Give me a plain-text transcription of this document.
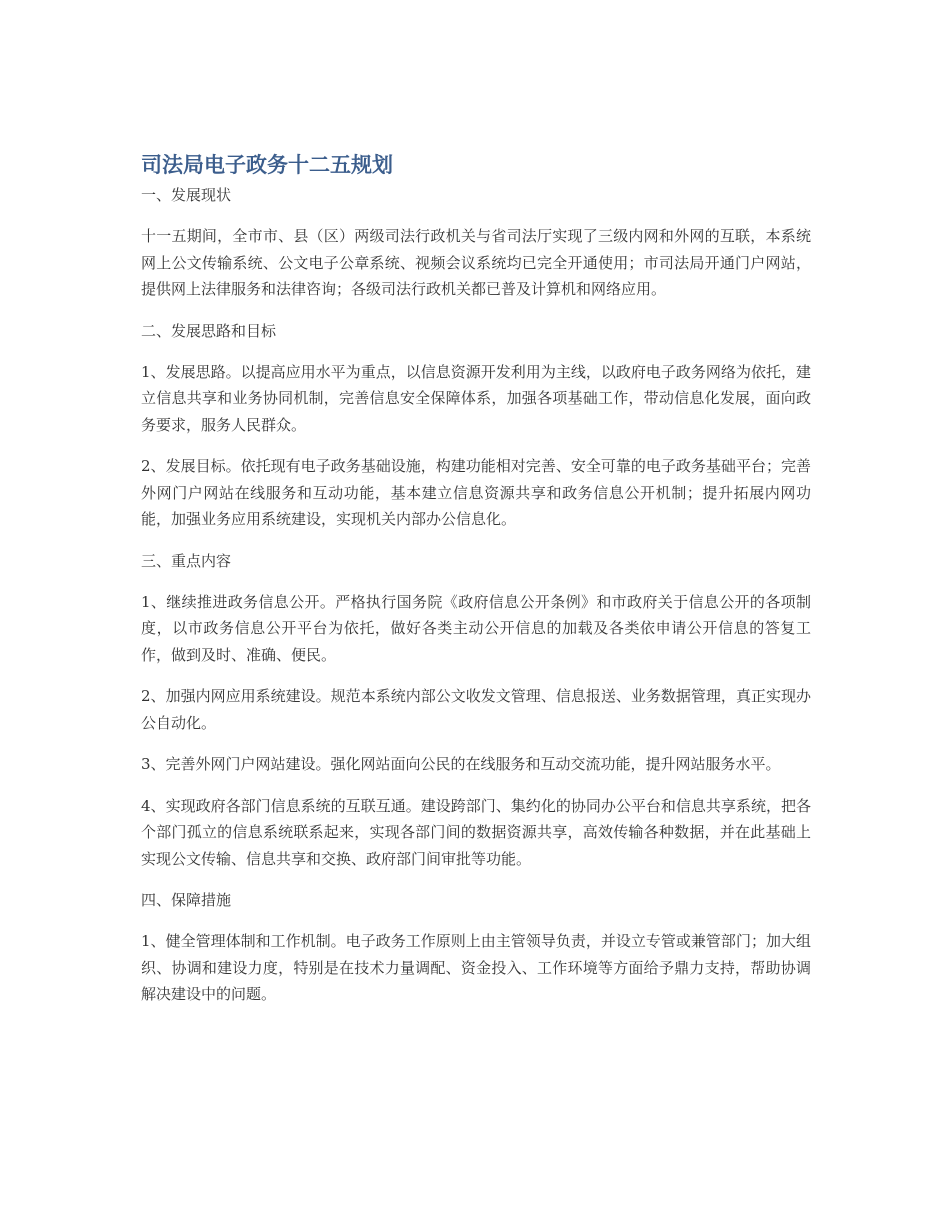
司法局电子政务十二五规划

一、发展现状

十一五期间，全市市、县（区）两级司法行政机关与省司法厅实现了三级内网和外网的互联，本系统网上公文传输系统、公文电子公章系统、视频会议系统均已完全开通使用；市司法局开通门户网站，提供网上法律服务和法律咨询；各级司法行政机关都已普及计算机和网络应用。

二、发展思路和目标

1、发展思路。以提高应用水平为重点，以信息资源开发利用为主线，以政府电子政务网络为依托，建立信息共享和业务协同机制，完善信息安全保障体系，加强各项基础工作，带动信息化发展，面向政务要求，服务人民群众。

2、发展目标。依托现有电子政务基础设施，构建功能相对完善、安全可靠的电子政务基础平台；完善外网门户网站在线服务和互动功能，基本建立信息资源共享和政务信息公开机制；提升拓展内网功能，加强业务应用系统建设，实现机关内部办公信息化。

三、重点内容

1、继续推进政务信息公开。严格执行国务院《政府信息公开条例》和市政府关于信息公开的各项制度，以市政务信息公开平台为依托，做好各类主动公开信息的加载及各类依申请公开信息的答复工作，做到及时、准确、便民。

2、加强内网应用系统建设。规范本系统内部公文收发文管理、信息报送、业务数据管理，真正实现办公自动化。

3、完善外网门户网站建设。强化网站面向公民的在线服务和互动交流功能，提升网站服务水平。

4、实现政府各部门信息系统的互联互通。建设跨部门、集约化的协同办公平台和信息共享系统，把各个部门孤立的信息系统联系起来，实现各部门间的数据资源共享，高效传输各种数据，并在此基础上实现公文传输、信息共享和交换、政府部门间审批等功能。

四、保障措施

1、健全管理体制和工作机制。电子政务工作原则上由主管领导负责，并设立专管或兼管部门；加大组织、协调和建设力度，特别是在技术力量调配、资金投入、工作环境等方面给予鼎力支持，帮助协调解决建设中的问题。
